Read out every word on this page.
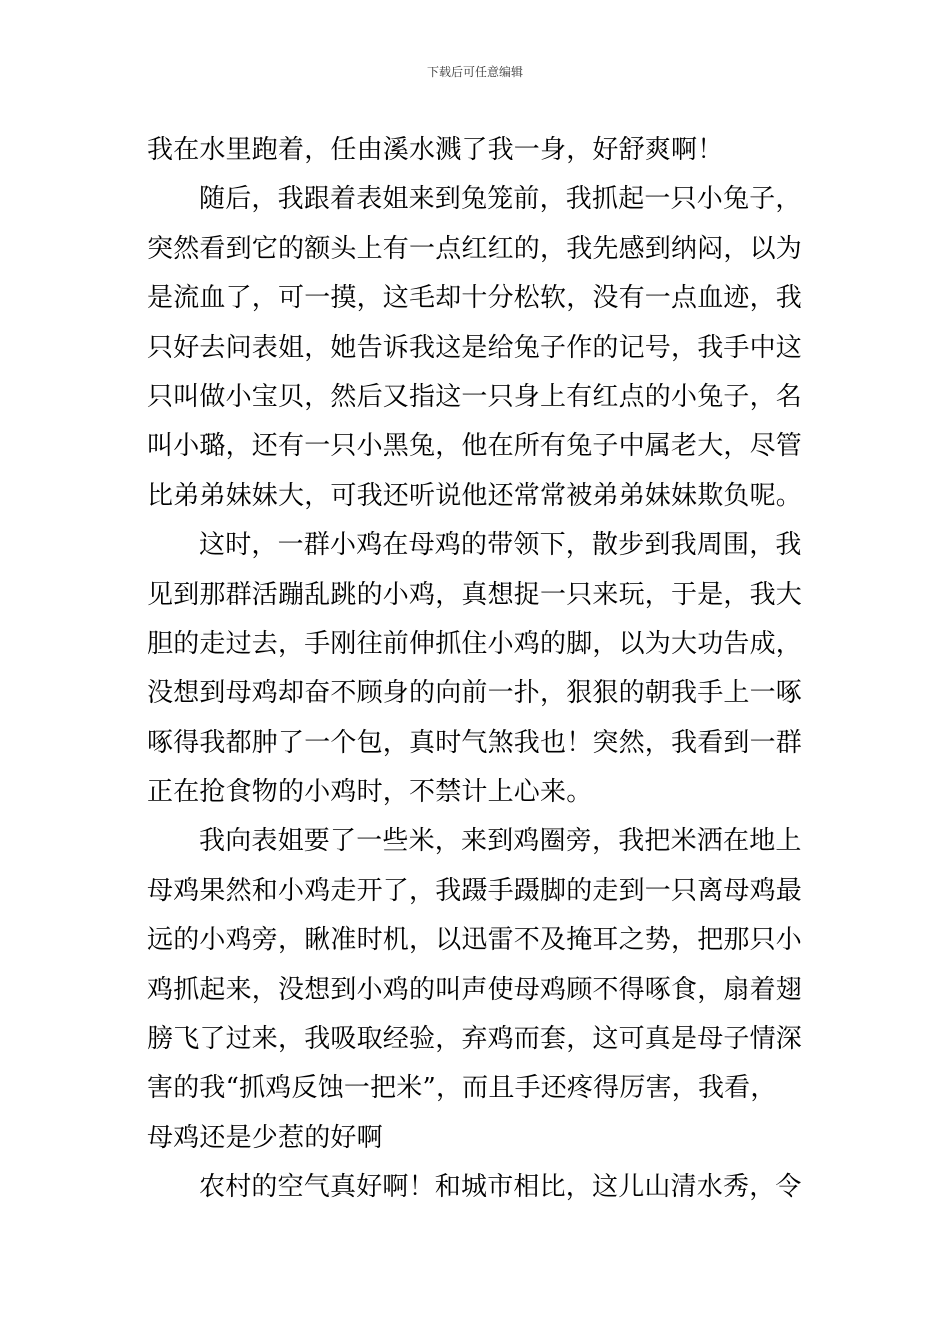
下载后可任意编辑
我在水里跑着，任由溪水溅了我一身，好舒爽啊！
随后，我跟着表姐来到兔笼前，我抓起一只小兔子，
突然看到它的额头上有一点红红的，我先感到纳闷，以为
是流血了，可一摸，这毛却十分松软，没有一点血迹，我
只好去问表姐，她告诉我这是给兔子作的记号，我手中这
只叫做小宝贝，然后又指这一只身上有红点的小兔子，名
叫小璐，还有一只小黑兔，他在所有兔子中属老大，尽管
比弟弟妹妹大，可我还听说他还常常被弟弟妹妹欺负呢。
这时，一群小鸡在母鸡的带领下，散步到我周围，我
见到那群活蹦乱跳的小鸡，真想捉一只来玩，于是，我大
胆的走过去，手刚往前伸抓住小鸡的脚，以为大功告成，
没想到母鸡却奋不顾身的向前一扑，狠狠的朝我手上一啄
啄得我都肿了一个包，真时气煞我也！突然，我看到一群
正在抢食物的小鸡时，不禁计上心来。
我向表姐要了一些米，来到鸡圈旁，我把米洒在地上
母鸡果然和小鸡走开了，我蹑手蹑脚的走到一只离母鸡最
远的小鸡旁，瞅准时机，以迅雷不及掩耳之势，把那只小
鸡抓起来，没想到小鸡的叫声使母鸡顾不得啄食，扇着翅
膀飞了过来，我吸取经验，弃鸡而套，这可真是母子情深
害的我“抓鸡反蚀一把米”，而且手还疼得厉害，我看，
母鸡还是少惹的好啊
农村的空气真好啊！和城市相比，这儿山清水秀，令
